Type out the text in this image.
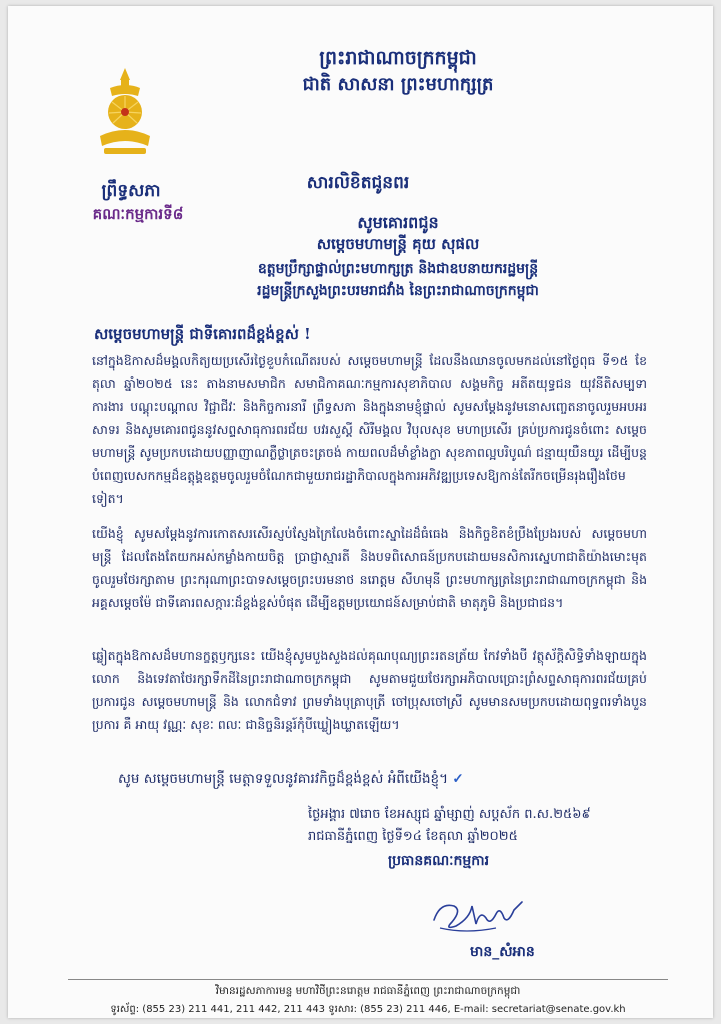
ព្រឹទ្ធសភា
គណៈកម្មការទី៨
ព្រះរាជាណាចក្រកម្ពុជា
ជាតិ សាសនា ព្រះមហាក្សត្រ
សារលិខិតជូនពរ
សូមគោរពជូន
សម្តេចមហាមន្ត្រី គុយ សុផល
ឧត្តមប្រឹក្សាផ្ទាល់ព្រះមហាក្សត្រ និងជាឧបនាយករដ្ឋមន្ត្រី
រដ្ឋមន្ត្រីក្រសួងព្រះបរមរាជវាំង នៃព្រះរាជាណាចក្រកម្ពុជា
សម្តេចមហាមន្ត្រី ជាទីគោរពដ៏ខ្ពង់ខ្ពស់ !
នៅក្នុងឱកាសដ៏មង្គលកិត្យយប្រសើរថ្ងៃខួបកំណើតរបស់ សម្តេចមហាមន្ត្រី ដែលនឹងឈានចូលមកដល់នៅថ្ងៃពុធ ទី១៥ ខែតុលា ឆ្នាំ២០២៥ នេះ តាងនាមសមាជិក សមាជិកាគណៈកម្មការសុខាភិបាល សង្គមកិច្ច អតីតយុទ្ធជន យុវនីតិសម្បទា ការងារ បណ្តុះបណ្តាល វិជ្ជាជីវៈ និងកិច្ចការនារី ព្រឹទ្ធសភា និងក្នុងនាមខ្ញុំផ្ទាល់ សូមសម្តែងនូវមនោសញ្ចេតនាចូលរួមអបអរសាទរ និងសូមគោរពជូននូវសព្ទសាធុការពរជ័យ បវរសួស្តី សិរីមង្គល វិបុលសុខ មហាប្រសើរ គ្រប់ប្រការជូនចំពោះ សម្តេចមហាមន្ត្រី សូមប្រកបដោយបញ្ញាញាណភ្លឺថ្លាត្រចះត្រចង់ កាយពលដ៏មាំខ្លាំងក្លា សុខភាពល្អបរិបូណ៌ ជន្មាយុយឺនយូរ ដើម្បីបន្តបំពេញបេសកកម្មដ៏ឧត្តុង្គឧត្តមចូលរួមចំណែកជាមួយរាជរដ្ឋាភិបាលក្នុងការអភិវឌ្ឍប្រទេសឱ្យកាន់តែរីកចម្រើនរុងរឿងថែមទៀត។
យើងខ្ញុំ សូមសម្តែងនូវការកោតសរសើរស្ញប់ស្ញែងក្រៃលែងចំពោះស្នាដៃដ៏ធំធេង និងកិច្ចខិតខំប្រឹងប្រែងរបស់ សម្តេចមហាមន្ត្រី ដែលតែងតែយកអស់កម្លាំងកាយចិត្ត ប្រាជ្ញាស្មារតី និងបទពិសោធន៍ប្រកបដោយមនសិការស្នេហាជាតិយ៉ាងមោះមុត ចូលរួមថែរក្សាតាម ព្រះករុណាព្រះបាទសម្តេចព្រះបរមនាថ នរោត្តម សីហមុនី ព្រះមហាក្សត្រនៃព្រះរាជាណាចក្រកម្ពុជា និង អគ្គសម្តេចម៉ែ ជាទីគោរពសក្ការៈដ៏ខ្ពង់ខ្ពស់បំផុត ដើម្បីឧត្តមប្រយោជន៍សម្រាប់ជាតិ មាតុភូមិ និងប្រជាជន។
ឆ្លៀតក្នុងឱកាសដ៏មហានក្ខត្តឫក្សនេះ យើងខ្ញុំសូមបួងសួងដល់គុណបុណ្យព្រះរតនត្រ័យ កែវទាំងបី វត្ថុស័ក្តិសិទ្ធិទាំងឡាយក្នុងលោក និងទេវតាថែរក្សាទឹកដីនៃព្រះរាជាណាចក្រកម្ពុជា សូមតាមជួយថែរក្សាអភិបាលប្រោះព្រំសព្ទសាធុការពរជ័យគ្រប់ប្រការជូន សម្តេចមហាមន្ត្រី និង លោកជំទាវ ព្រមទាំងបុត្រាបុត្រី ចៅប្រុសចៅស្រី សូមមានសមប្រកបដោយពុទ្ធពរទាំងបួនប្រការ គឺ អាយុ វណ្ណៈ សុខៈ ពលៈ ជានិច្ចនិរន្តរ៍កុំបីឃ្លៀងឃ្លាតឡើយ។
សូម សម្តេចមហាមន្ត្រី មេត្តាទទួលនូវគារវកិច្ចដ៏ខ្ពង់ខ្ពស់ អំពីយើងខ្ញុំ។ ✓
ថ្ងៃអង្គារ ៧រោច ខែអស្សុជ ឆ្នាំម្សាញ់ សប្តស័ក ព.ស.២៥៦៩
រាជធានីភ្នំពេញ ថ្ងៃទី១៤ ខែតុលា ឆ្នាំ២០២៥
ប្រធានគណៈកម្មការ
មាន_សំអាន
វិមានរដ្ឋសភាការមន្ទ មហាវិថីព្រះនរោត្តម រាជធានីភ្នំពេញ ព្រះរាជាណាចក្រកម្ពុជា
ទូរស័ព្ទ: (855 23) 211 441, 211 442, 211 443 ទូរសារ: (855 23) 211 446, E-mail: secretariat@senate.gov.kh
